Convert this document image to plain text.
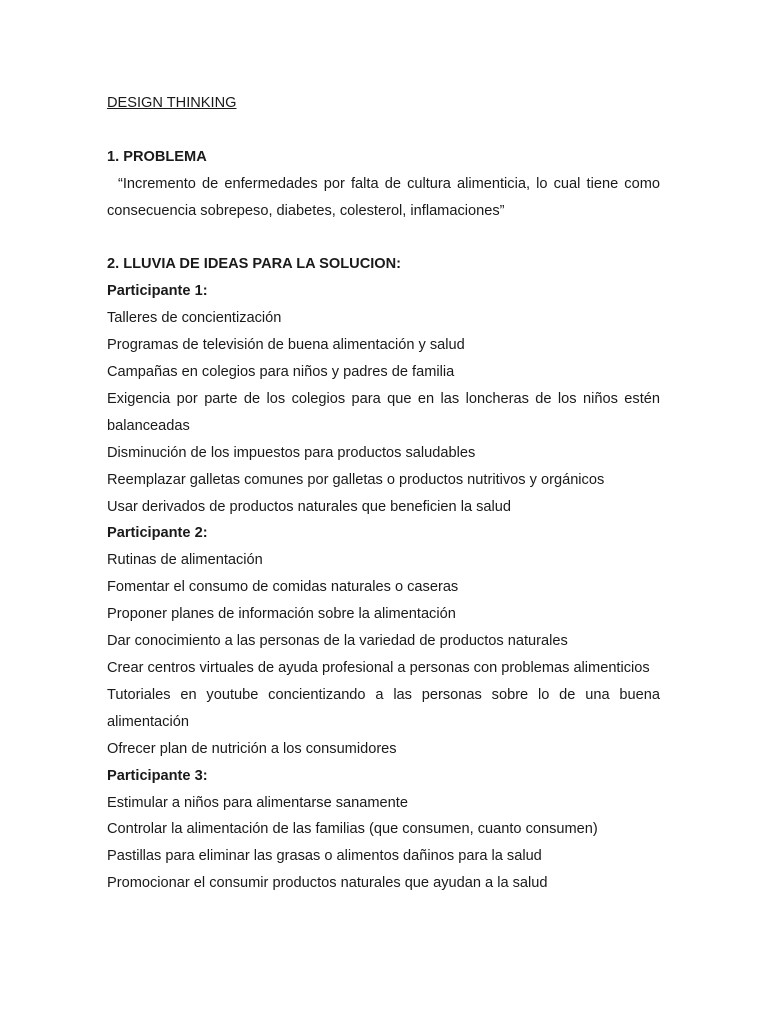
DESIGN THINKING
1. PROBLEMA
“Incremento de enfermedades por falta de cultura alimenticia, lo cual tiene como consecuencia sobrepeso, diabetes, colesterol, inflamaciones”
2. LLUVIA DE IDEAS PARA LA SOLUCION:
Participante 1:
Talleres de concientización
Programas de televisión de buena alimentación y salud
Campañas en colegios para niños y padres de familia
Exigencia por parte de los colegios para que en las loncheras de los niños estén balanceadas
Disminución de los impuestos para productos saludables
Reemplazar galletas comunes por galletas o productos nutritivos y orgánicos
Usar derivados de productos naturales que beneficien la salud
Participante 2:
Rutinas de alimentación
Fomentar el consumo de comidas naturales o caseras
Proponer planes de información sobre la alimentación
Dar conocimiento a las personas de la variedad de productos naturales
Crear centros virtuales de ayuda profesional a personas con problemas alimenticios
Tutoriales en youtube concientizando a las personas sobre lo de una buena alimentación
Ofrecer plan de nutrición a los consumidores
Participante 3:
Estimular a niños para alimentarse sanamente
Controlar la alimentación de las familias (que consumen, cuanto consumen)
Pastillas para eliminar las grasas o alimentos dañinos para la salud
Promocionar el consumir productos naturales que ayudan a la salud
